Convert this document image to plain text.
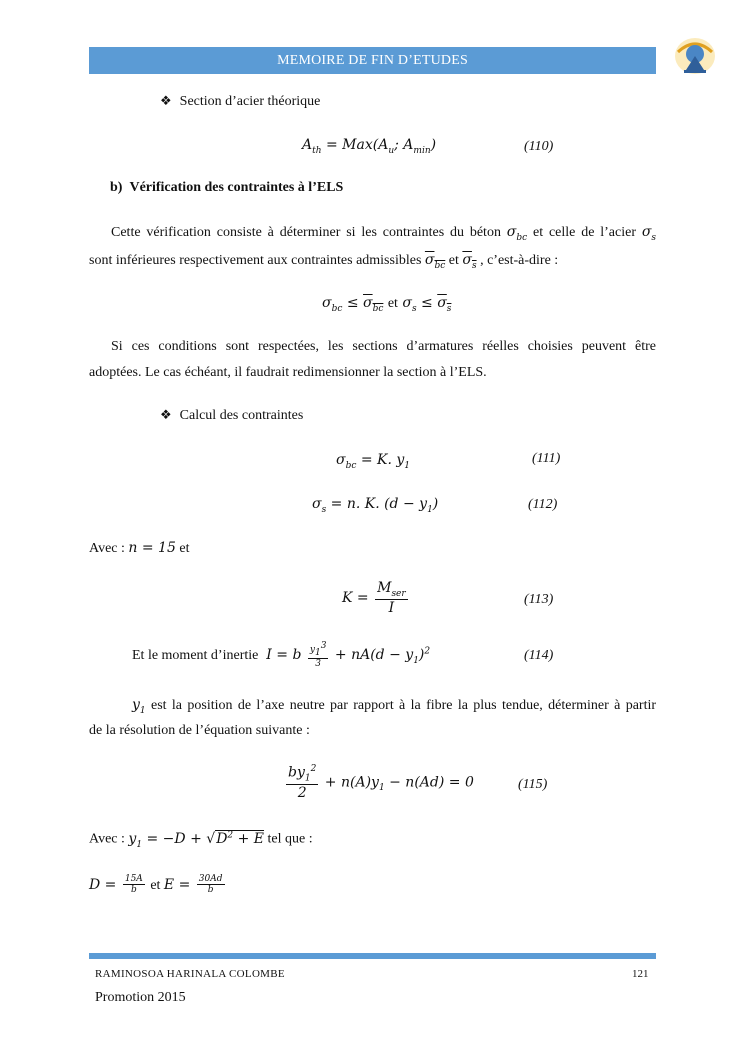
MEMOIRE DE FIN D’ETUDES
❖ Section d’acier théorique
$A_{th} = Max(A_u$; $A_{min}$)	(110)
b) Vérification des contraintes à l’ELS
Cette vérification consiste à déterminer si les contraintes du béton $\sigma_{bc}$ et celle de l’acier $\sigma_s$
sont inférieures respectivement aux contraintes admissibles $\sigma_{bc}$ et $\sigma_s$ , c’est-à-dire :
$\sigma_{bc} \le \sigma_{bc}$ et $\sigma_s \le \sigma_s$
Si ces conditions sont respectées, les sections d’armatures réelles choisies peuvent être
adoptées. Le cas échéant, il faudrait redimensionner la section à l’ELS.
❖ Calcul des contraintes
$\sigma_{bc} = K$. $y_1$	(111)
$\sigma_s = n$. K. $(d - y_1)$	(112)
Avec : n = 15 et
$K = \frac{M_{ser}}{I}$	(113)
Et le moment d’inertie  I = b $\frac{y_1^3}{3} + nA(d - y_1)^2$	(114)
$y_1$ est la position de l’axe neutre par rapport à la fibre la plus tendue, déterminer à partir
de la résolution de l’équation suivante :
$\frac{by_1^2}{2} + n(A)y_1 - n(Ad) = 0$	(115)
Avec : $y_1 = -D + √D^2 + E$ tel que :
$D = \frac{15A}{b}$ et $E = \frac{30Ad}{b}$
RAMINOSOA HARINALA COLOMBE	121
Promotion 2015
